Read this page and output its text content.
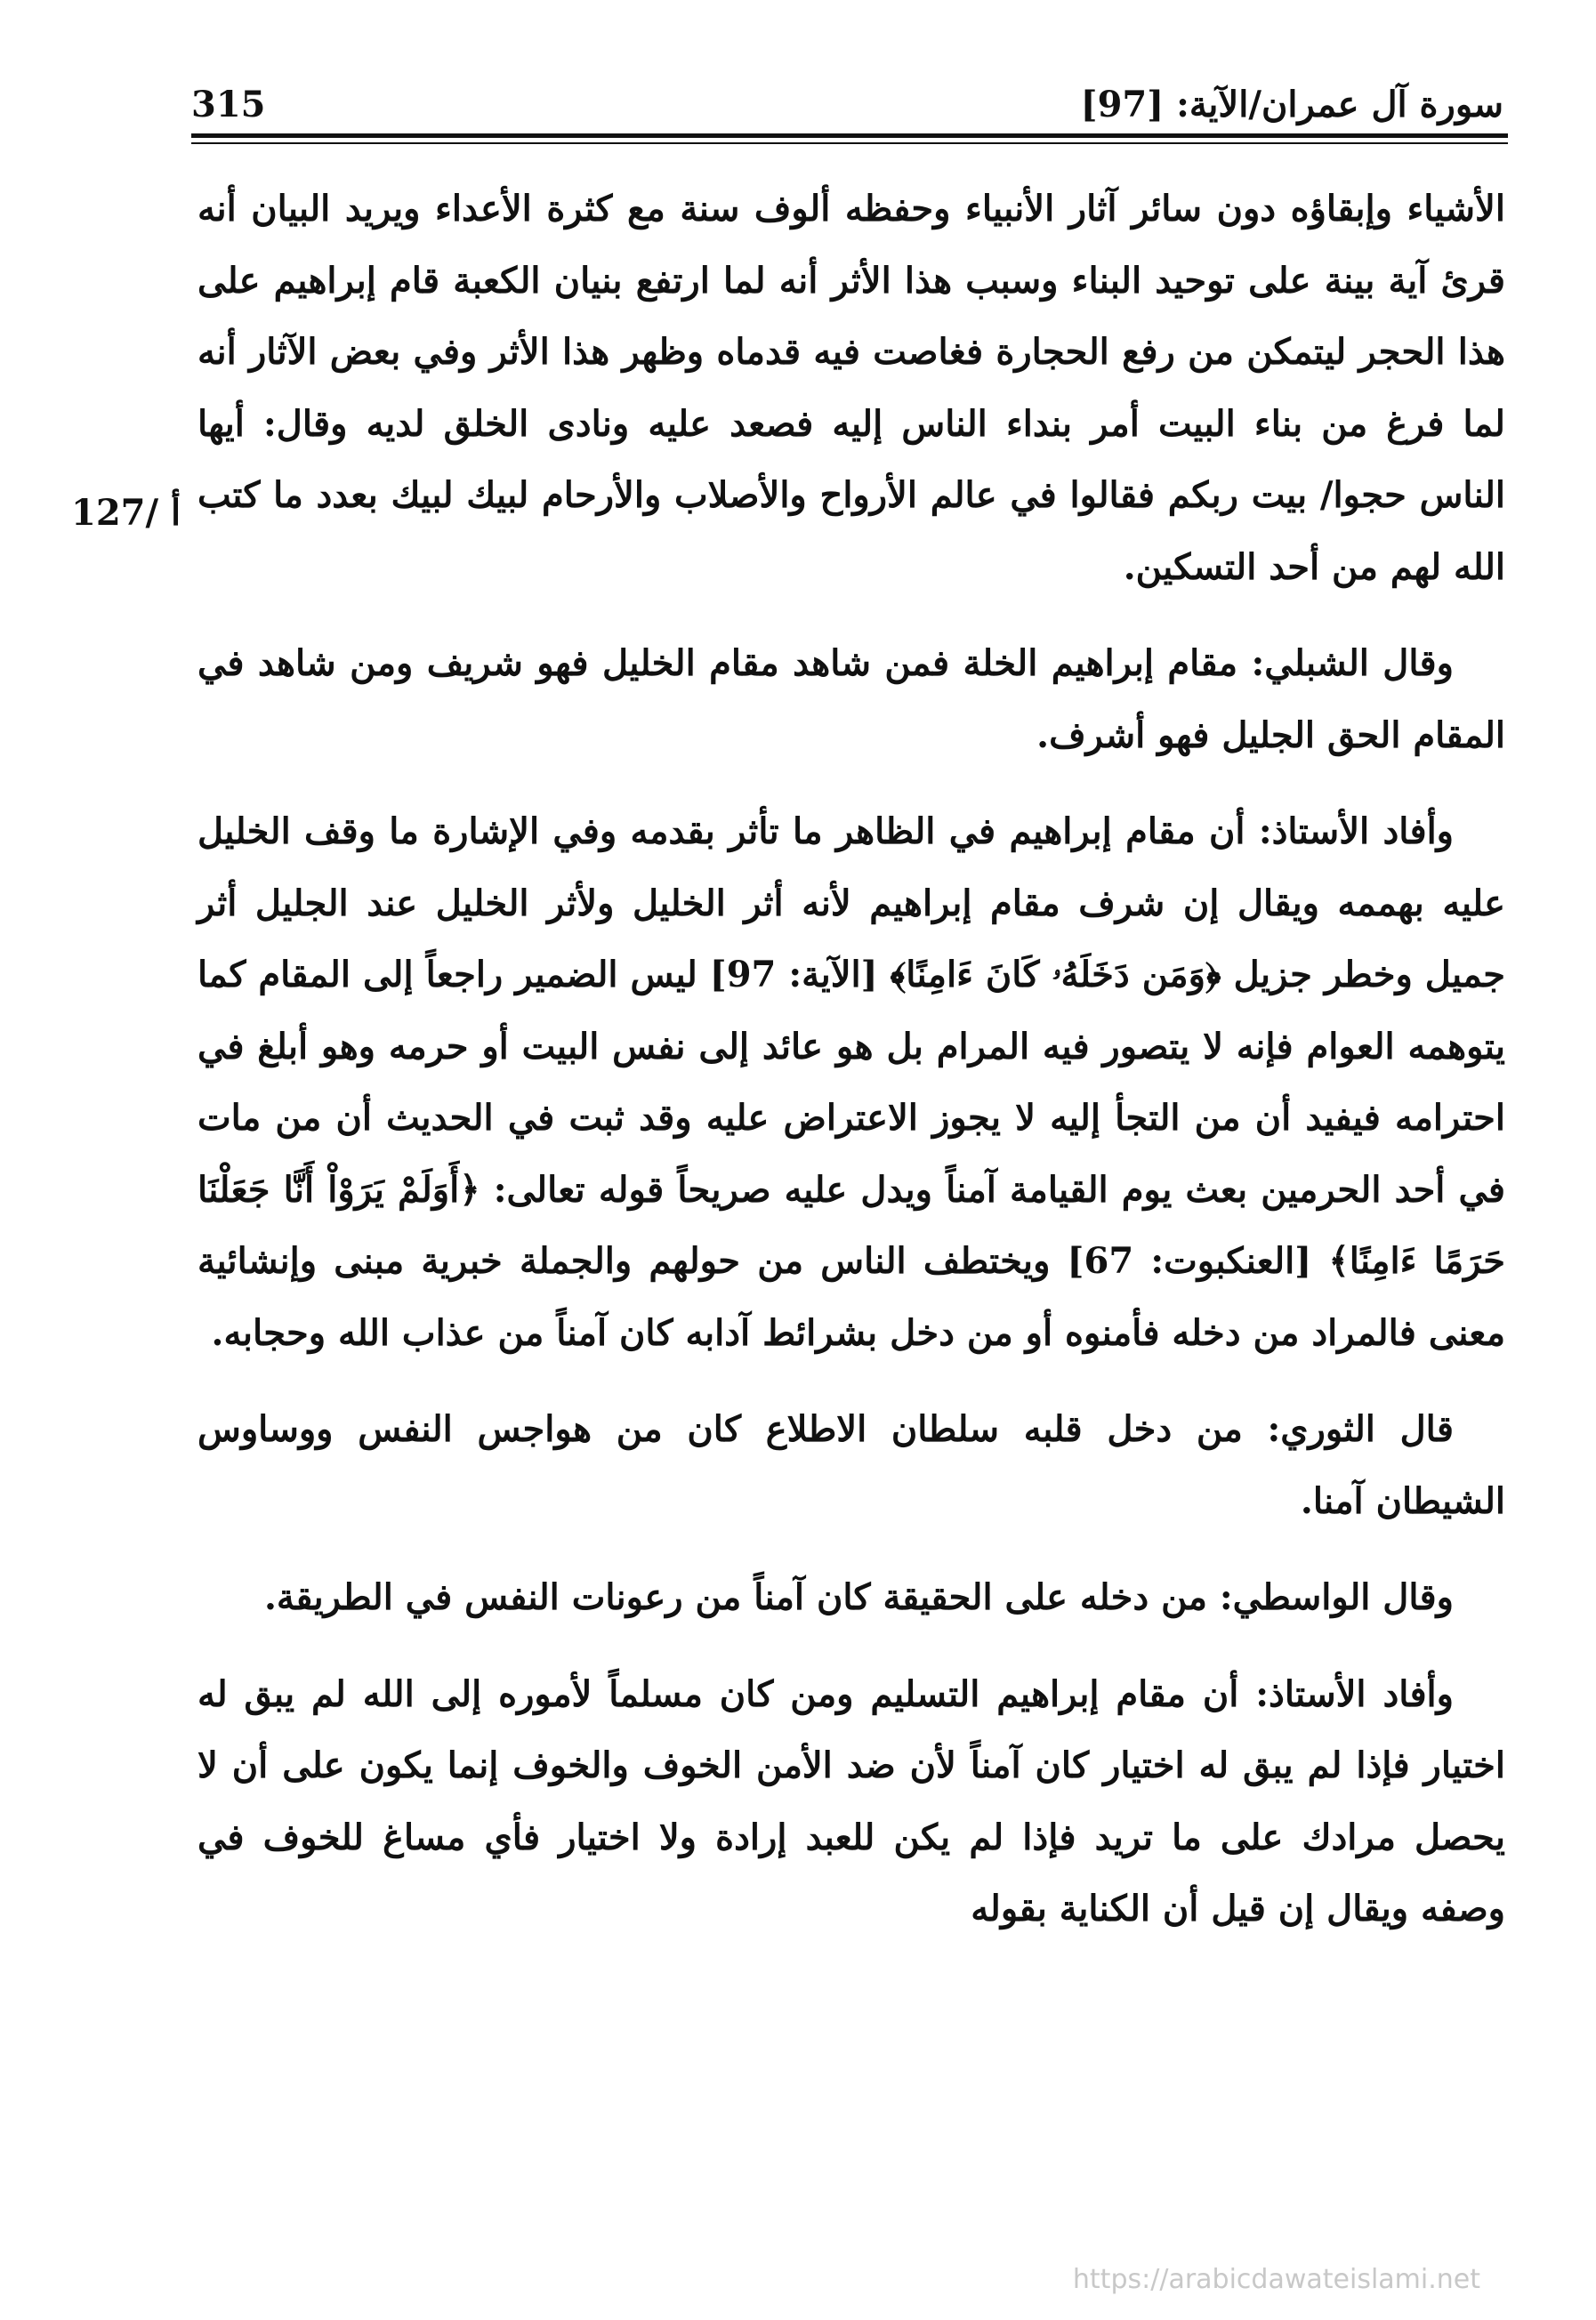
سورة آل عمران/الآية: [97]
315
127/ أ

الأشياء وإبقاؤه دون سائر آثار الأنبياء وحفظه ألوف سنة مع كثرة الأعداء ويريد البيان أنه قرئ آية بينة على توحيد البناء وسبب هذا الأثر أنه لما ارتفع بنيان الكعبة قام إبراهيم على هذا الحجر ليتمكن من رفع الحجارة فغاصت فيه قدماه وظهر هذا الأثر وفي بعض الآثار أنه لما فرغ من بناء البيت أمر بنداء الناس إليه فصعد عليه ونادى الخلق لديه وقال: أيها الناس حجوا/ بيت ربكم فقالوا في عالم الأرواح والأصلاب والأرحام لبيك لبيك بعدد ما كتب الله لهم من أحد التسكين.

وقال الشبلي: مقام إبراهيم الخلة فمن شاهد مقام الخليل فهو شريف ومن شاهد في المقام الحق الجليل فهو أشرف.

وأفاد الأستاذ: أن مقام إبراهيم في الظاهر ما تأثر بقدمه وفي الإشارة ما وقف الخليل عليه بهممه ويقال إن شرف مقام إبراهيم لأنه أثر الخليل ولأثر الخليل عند الجليل أثر جميل وخطر جزيل ﴿وَمَن دَخَلَهُۥ كَانَ ءَامِنًا﴾ [الآية: 97] ليس الضمير راجعاً إلى المقام كما يتوهمه العوام فإنه لا يتصور فيه المرام بل هو عائد إلى نفس البيت أو حرمه وهو أبلغ في احترامه فيفيد أن من التجأ إليه لا يجوز الاعتراض عليه وقد ثبت في الحديث أن من مات في أحد الحرمين بعث يوم القيامة آمناً ويدل عليه صريحاً قوله تعالى: ﴿أَوَلَمْ يَرَوْاْ أَنَّا جَعَلْنَا حَرَمًا ءَامِنًا﴾ [العنكبوت: 67] ويختطف الناس من حولهم والجملة خبرية مبنى وإنشائية معنى فالمراد من دخله فأمنوه أو من دخل بشرائط آدابه كان آمناً من عذاب الله وحجابه.

قال الثوري: من دخل قلبه سلطان الاطلاع كان من هواجس النفس ووساوس الشيطان آمنا.

وقال الواسطي: من دخله على الحقيقة كان آمناً من رعونات النفس في الطريقة.

وأفاد الأستاذ: أن مقام إبراهيم التسليم ومن كان مسلماً لأموره إلى الله لم يبق له اختيار فإذا لم يبق له اختيار كان آمناً لأن ضد الأمن الخوف والخوف إنما يكون على أن لا يحصل مرادك على ما تريد فإذا لم يكن للعبد إرادة ولا اختيار فأي مساغ للخوف في وصفه ويقال إن قيل أن الكناية بقوله

https://arabicdawateislami.net
